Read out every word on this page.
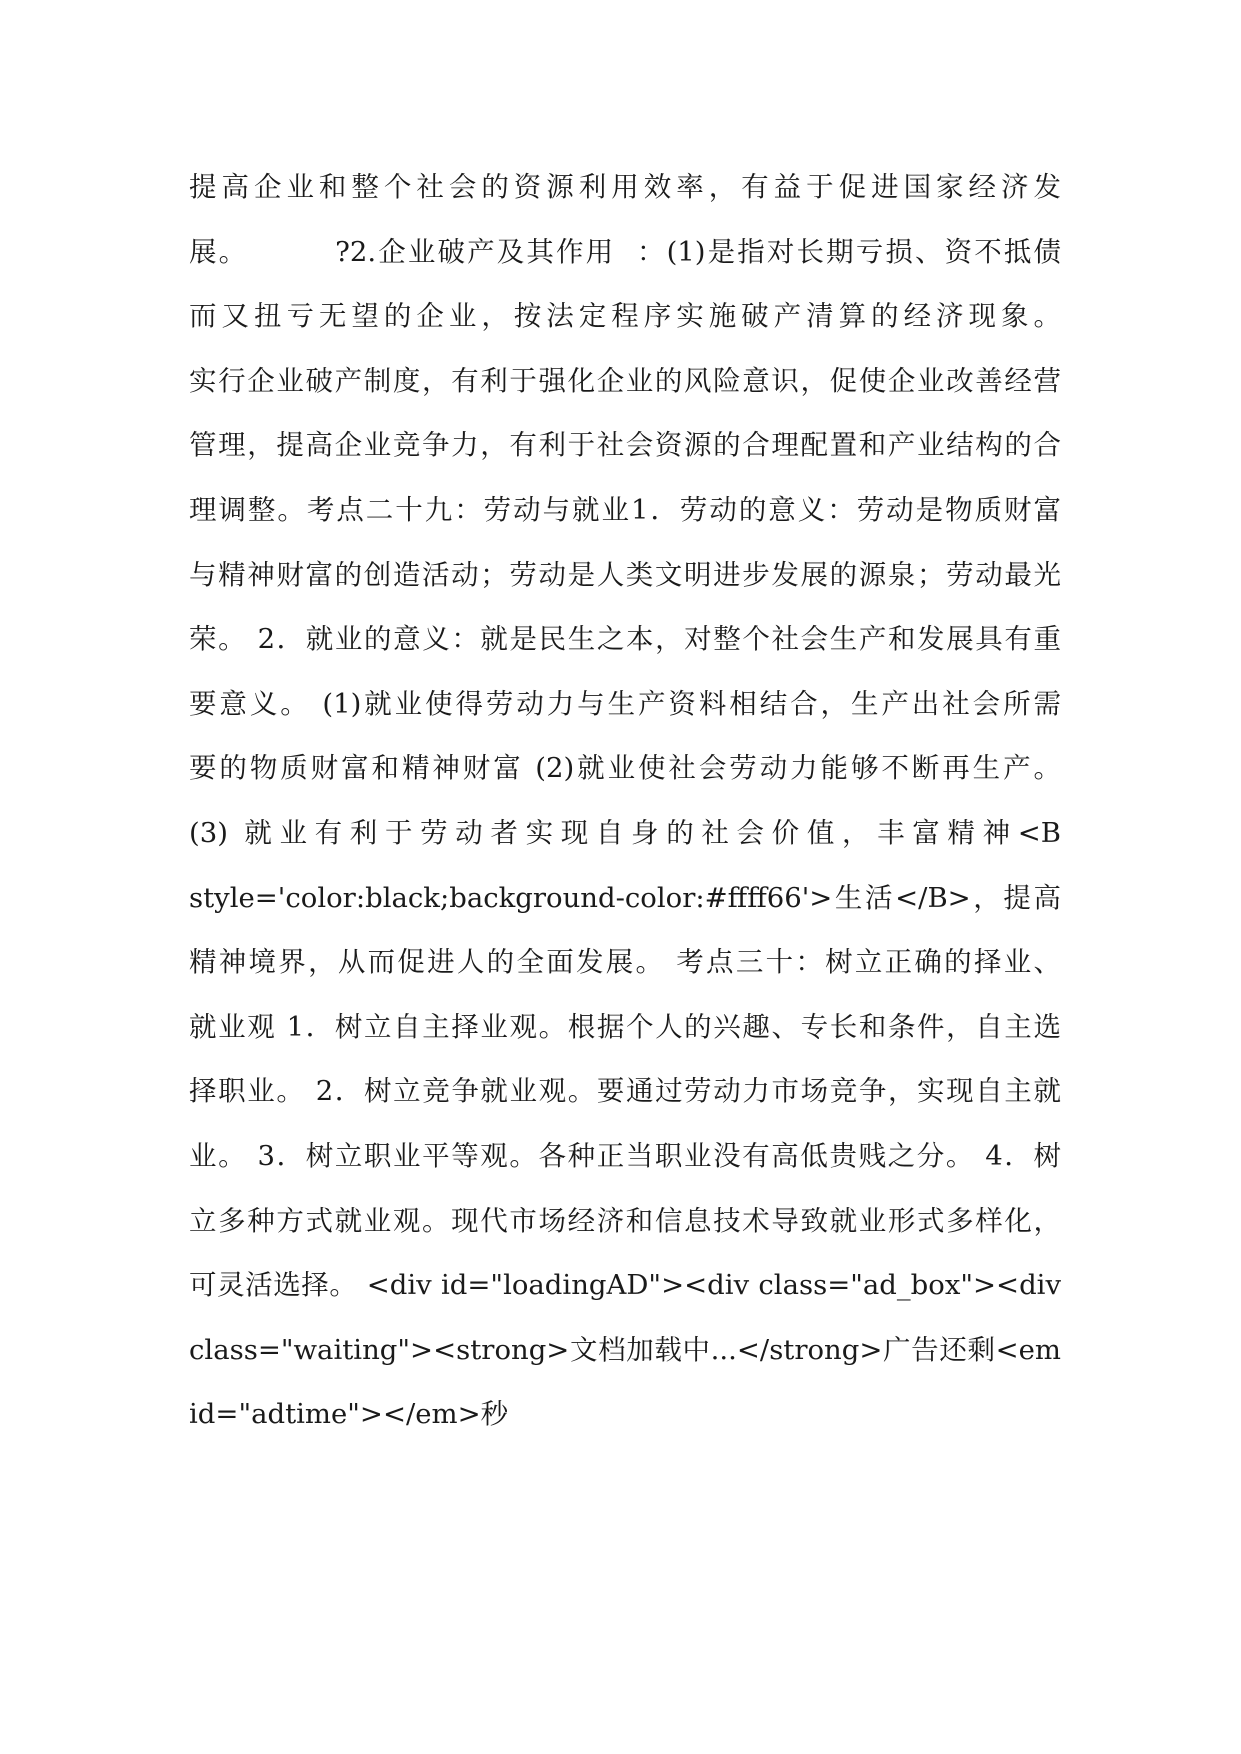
提高企业和整个社会的资源利用效率，有益于促进国家经济发
展。        ?2.企业破产及其作用  ：(1)是指对长期亏损、资不抵债
而又扭亏无望的企业，按法定程序实施破产清算的经济现象。
实行企业破产制度，有利于强化企业的风险意识，促使企业改善经营
管理，提高企业竞争力，有利于社会资源的合理配置和产业结构的合
理调整。考点二十九：劳动与就业1．劳动的意义：劳动是物质财富
与精神财富的创造活动；劳动是人类文明进步发展的源泉；劳动最光
荣。 2．就业的意义：就是民生之本，对整个社会生产和发展具有重
要意义。 (1)就业使得劳动力与生产资料相结合，生产出社会所需
要的物质财富和精神财富 (2)就业使社会劳动力能够不断再生产。
(3) 就业有利于劳动者实现自身的社会价值，丰富精神<B
style='color:black;background-color:#ffff66'>生活</B>，提高
精神境界，从而促进人的全面发展。 考点三十：树立正确的择业、
就业观 1．树立自主择业观。根据个人的兴趣、专长和条件，自主选
择职业。 2．树立竞争就业观。要通过劳动力市场竞争，实现自主就
业。 3．树立职业平等观。各种正当职业没有高低贵贱之分。 4．树
立多种方式就业观。现代市场经济和信息技术导致就业形式多样化，
可灵活选择。 <div id="loadingAD"><div class="ad_box"><div
class="waiting"><strong>文档加载中...</strong>广告还剩<em
id="adtime"></em>秒
